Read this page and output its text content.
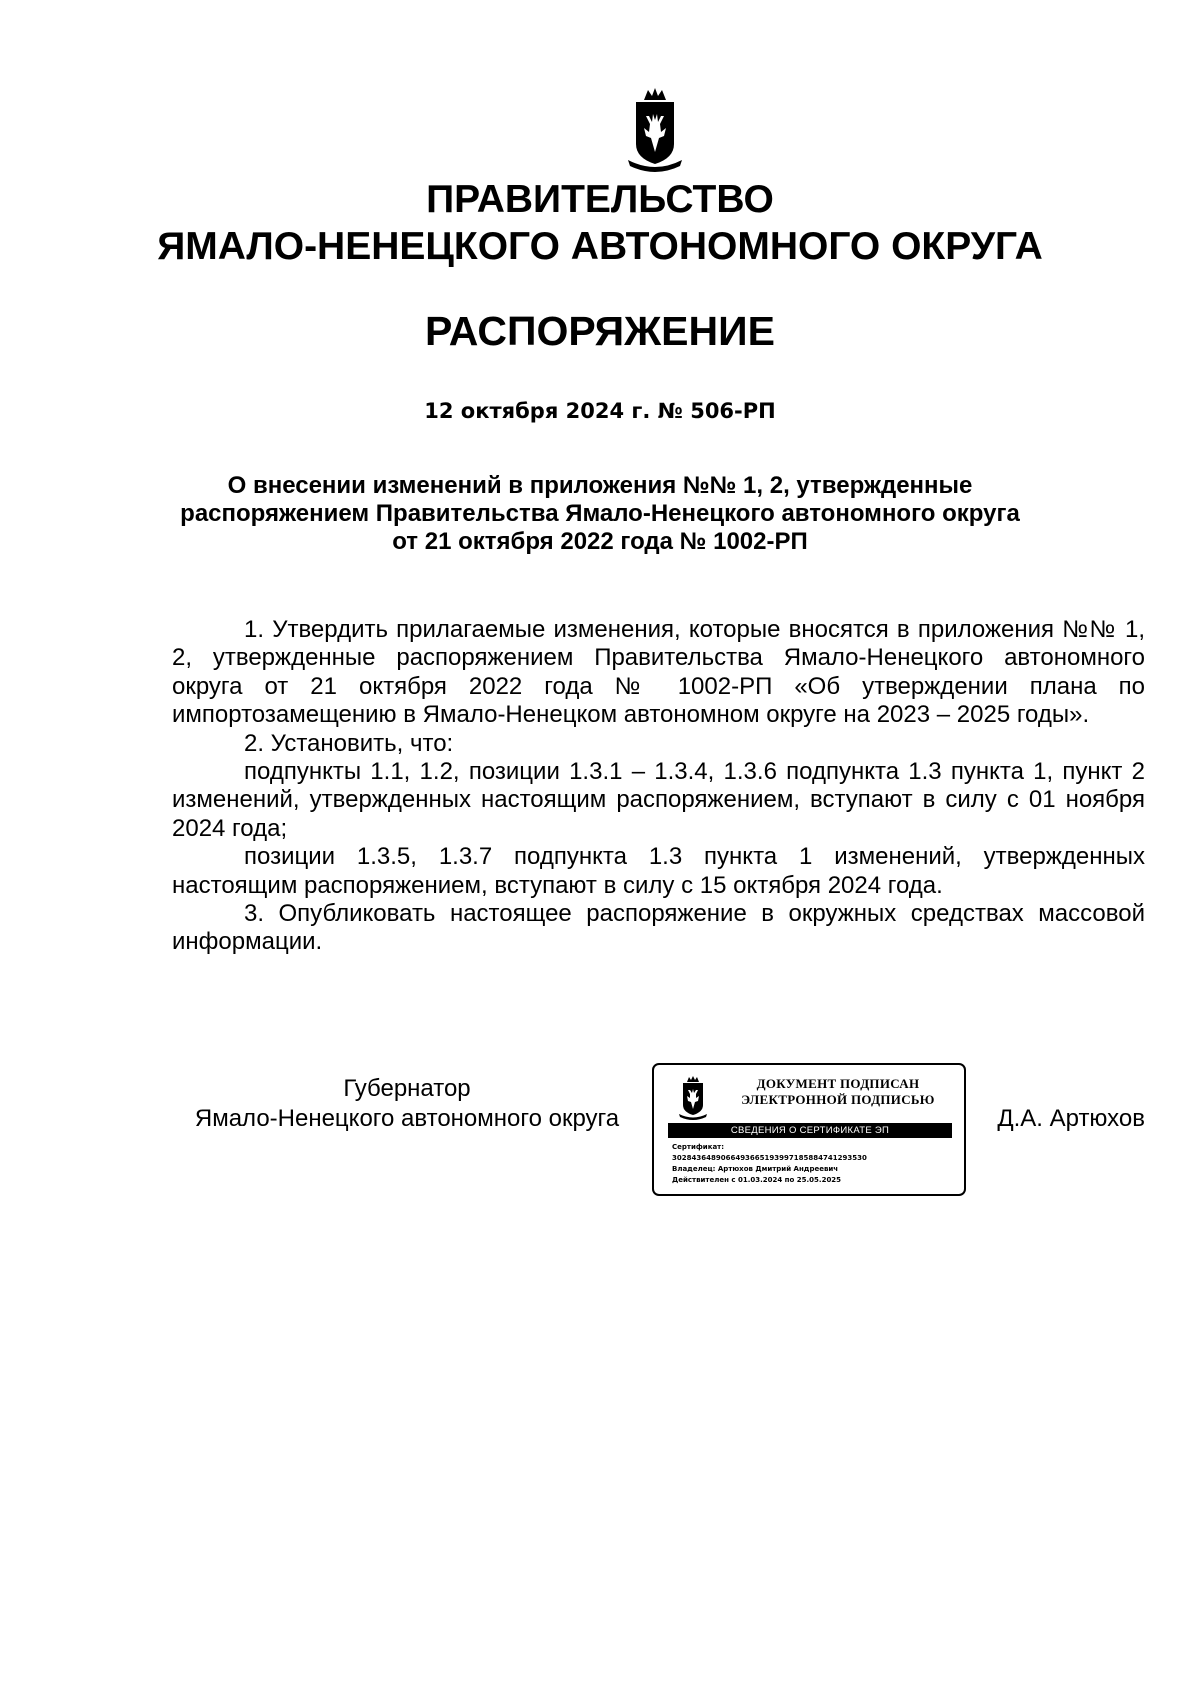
ПРАВИТЕЛЬСТВО
ЯМАЛО-НЕНЕЦКОГО АВТОНОМНОГО ОКРУГА
РАСПОРЯЖЕНИЕ
12 октября 2024 г. № 506-РП
О внесении изменений в приложения №№ 1, 2, утвержденные
распоряжением Правительства Ямало-Ненецкого автономного округа
от 21 октября 2022 года № 1002-РП

1. Утвердить прилагаемые изменения, которые вносятся в приложения №№ 1, 2, утвержденные распоряжением Правительства Ямало-Ненецкого автономного округа от 21 октября 2022 года № 1002-РП «Об утверждении плана по импортозамещению в Ямало-Ненецком автономном округе на 2023 – 2025 годы».

2. Установить, что:

подпункты 1.1, 1.2, позиции 1.3.1 – 1.3.4, 1.3.6 подпункта 1.3 пункта 1, пункт 2 изменений, утвержденных настоящим распоряжением, вступают в силу с 01 ноября 2024 года;

позиции 1.3.5, 1.3.7 подпункта 1.3 пункта 1 изменений, утвержденных настоящим распоряжением, вступают в силу с 15 октября 2024 года.

3. Опубликовать настоящее распоряжение в окружных средствах массовой информации.

Губернатор
Ямало-Ненецкого автономного округа
ДОКУМЕНТ ПОДПИСАН
ЭЛЕКТРОННОЙ ПОДПИСЬЮ
СВЕДЕНИЯ О СЕРТИФИКАТЕ ЭП
Сертификат:
3028436489066493665193997185884741293530
Владелец: Артюхов Дмитрий Андреевич
Действителен с 01.03.2024 по 25.05.2025
Д.А. Артюхов
